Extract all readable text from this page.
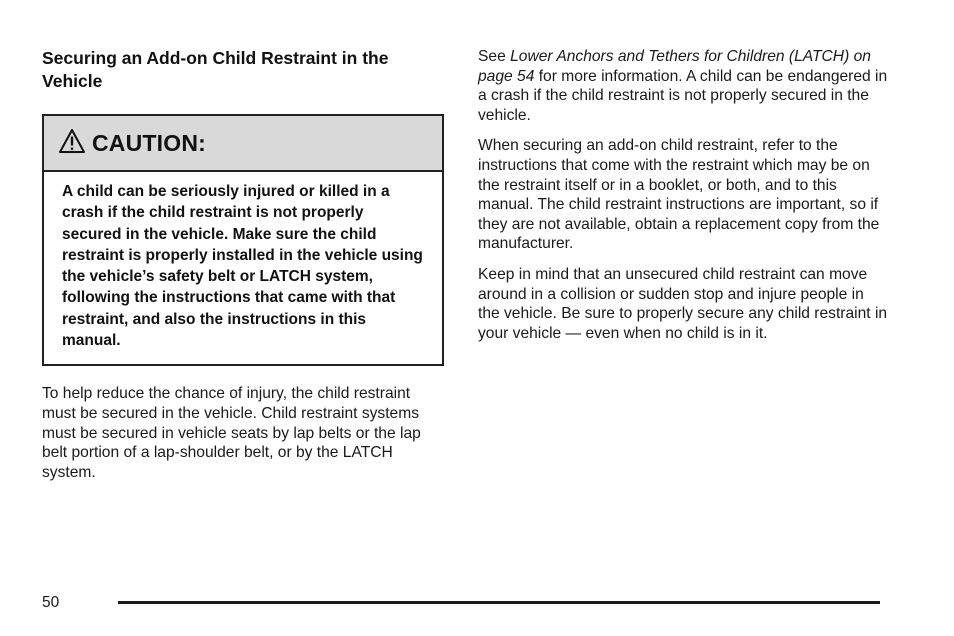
Securing an Add-on Child Restraint in the Vehicle
CAUTION:
A child can be seriously injured or killed in a crash if the child restraint is not properly secured in the vehicle. Make sure the child restraint is properly installed in the vehicle using the vehicle’s safety belt or LATCH system, following the instructions that came with that restraint, and also the instructions in this manual.

To help reduce the chance of injury, the child restraint must be secured in the vehicle. Child restraint systems must be secured in vehicle seats by lap belts or the lap belt portion of a lap-shoulder belt, or by the LATCH system.

See Lower Anchors and Tethers for Children (LATCH) on page 54 for more information. A child can be endangered in a crash if the child restraint is not properly secured in the vehicle.

When securing an add-on child restraint, refer to the instructions that come with the restraint which may be on the restraint itself or in a booklet, or both, and to this manual. The child restraint instructions are important, so if they are not available, obtain a replacement copy from the manufacturer.

Keep in mind that an unsecured child restraint can move around in a collision or sudden stop and injure people in the vehicle. Be sure to properly secure any child restraint in your vehicle — even when no child is in it.

50
